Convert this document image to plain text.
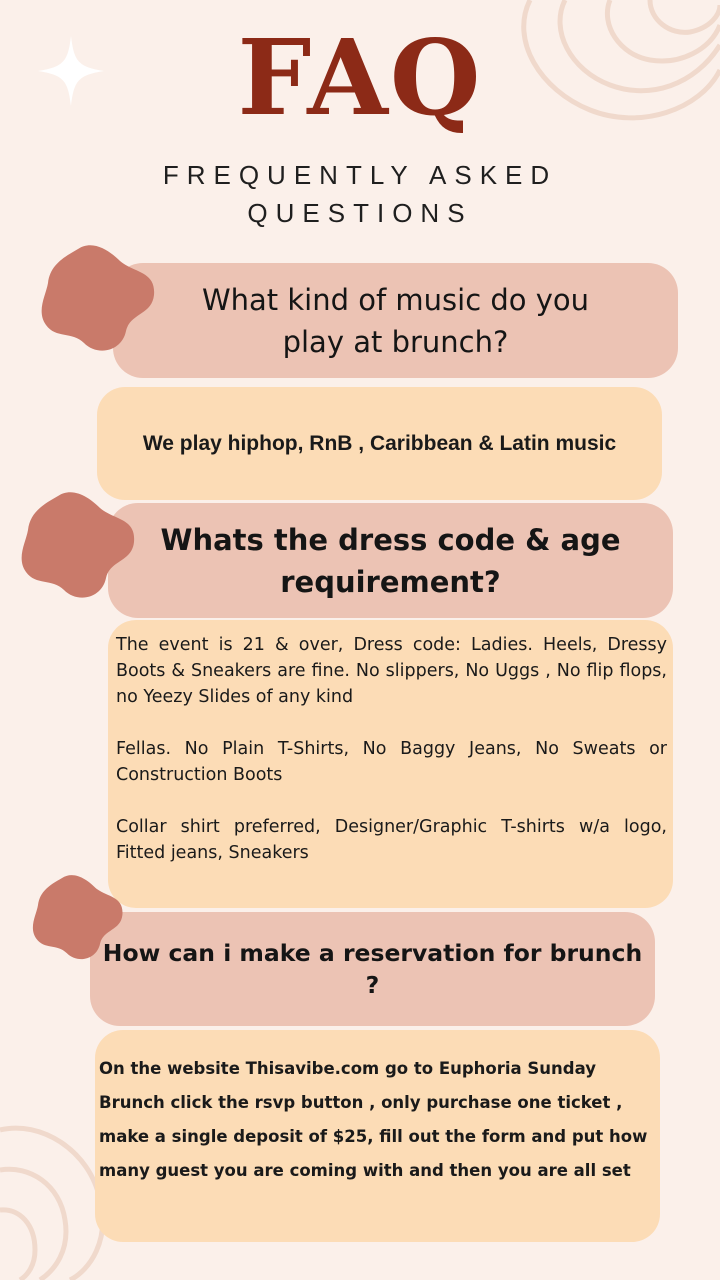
FAQ
FREQUENTLY ASKED
QUESTIONS
What kind of music do you
play at brunch?
We play hiphop, RnB , Caribbean & Latin music
Whats the dress code & age
requirement?

The event is 21 & over, Dress code: Ladies. Heels, Dressy Boots & Sneakers are fine. No slippers, No Uggs , No flip flops, no Yeezy Slides of any kind

Fellas. No Plain T-Shirts, No Baggy Jeans, No Sweats or Construction Boots

Collar shirt preferred, Designer/Graphic T-shirts w/a logo, Fitted jeans, Sneakers

How can i make a reservation for brunch ?
On the website Thisavibe.com go to Euphoria Sunday
Brunch click the rsvp button , only purchase one ticket ,
make a single deposit of $25, fill out the form and put how
many guest you are coming with and then you are all set
